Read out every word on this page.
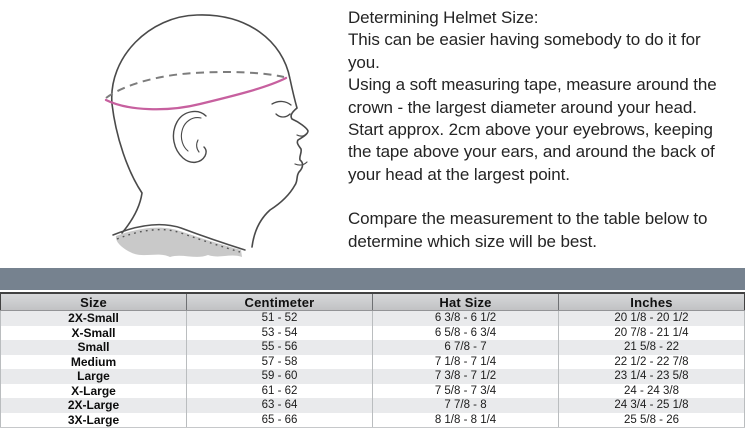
Determining Helmet Size:

This can be easier having somebody to do it for you.

Using a soft measuring tape, measure around the crown - the largest diameter around your head.

Start approx. 2cm above your eyebrows, keeping the tape above your ears, and around the back of your head at the largest point.

Compare the measurement to the table below to determine which size will be best.

Size	Centimeter	Hat Size	Inches
2X-Small	51 - 52	6 3/8 - 6 1/2	20 1/8 - 20 1/2
X-Small	53 - 54	6 5/8 - 6 3/4	20 7/8 - 21 1/4
Small	55 - 56	6 7/8 - 7	21 5/8 - 22
Medium	57 - 58	7 1/8 - 7 1/4	22 1/2 - 22 7/8
Large	59 - 60	7 3/8 - 7 1/2	23 1/4 - 23 5/8
X-Large	61 - 62	7 5/8 - 7 3/4	24 - 24 3/8
2X-Large	63 - 64	7 7/8 - 8	24 3/4 - 25 1/8
3X-Large	65 - 66	8 1/8 - 8 1/4	25 5/8 - 26
